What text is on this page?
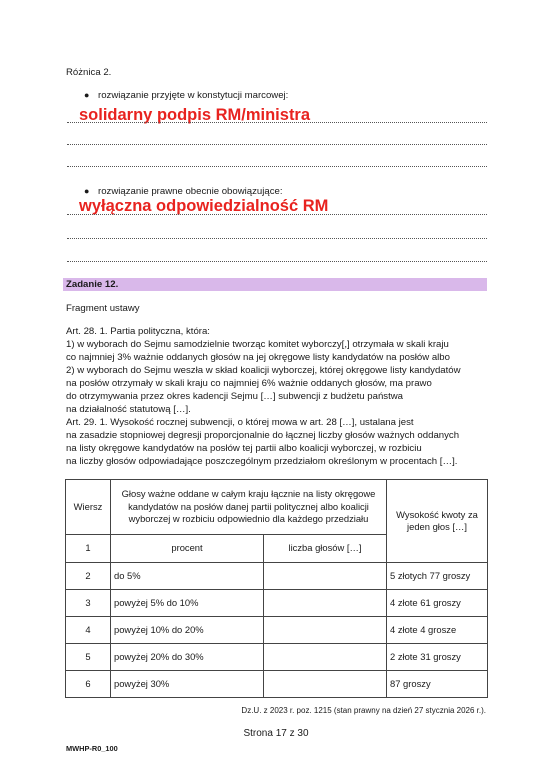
Różnica 2.
● rozwiązanie przyjęte w konstytucji marcowej:
solidarny podpis RM/ministra
● rozwiązanie prawne obecnie obowiązujące:
wyłączna odpowiedzialność RM
Zadanie 12.
Fragment ustawy
Art. 28. 1. Partia polityczna, która:
1) w wyborach do Sejmu samodzielnie tworząc komitet wyborczy[,] otrzymała w skali kraju
co najmniej 3% ważnie oddanych głosów na jej okręgowe listy kandydatów na posłów albo
2) w wyborach do Sejmu weszła w skład koalicji wyborczej, której okręgowe listy kandydatów
na posłów otrzymały w skali kraju co najmniej 6% ważnie oddanych głosów, ma prawo
do otrzymywania przez okres kadencji Sejmu […] subwencji z budżetu państwa
na działalność statutową […].
Art. 29. 1. Wysokość rocznej subwencji, o której mowa w art. 28 […], ustalana jest
na zasadzie stopniowej degresji proporcjonalnie do łącznej liczby głosów ważnych oddanych
na listy okręgowe kandydatów na posłów tej partii albo koalicji wyborczej, w rozbiciu
na liczby głosów odpowiadające poszczególnym przedziałom określonym w procentach […].
Wiersz	Głosy ważne oddane w całym kraju łącznie na listy okręgowe kandydatów na posłów danej partii politycznej albo koalicji wyborczej w rozbiciu odpowiednio dla każdego przedziału		Wysokość kwoty za jeden głos […]
1	procent	liczba głosów […]	
2	do 5%		5 złotych 77 groszy
3	powyżej 5% do 10%		4 złote 61 groszy
4	powyżej 10% do 20%		4 złote 4 grosze
5	powyżej 20% do 30%		2 złote 31 groszy
6	powyżej 30%		87 groszy
Dz.U. z 2023 r. poz. 1215 (stan prawny na dzień 27 stycznia 2026 r.).
Strona 17 z 30
MWHP-R0_100
